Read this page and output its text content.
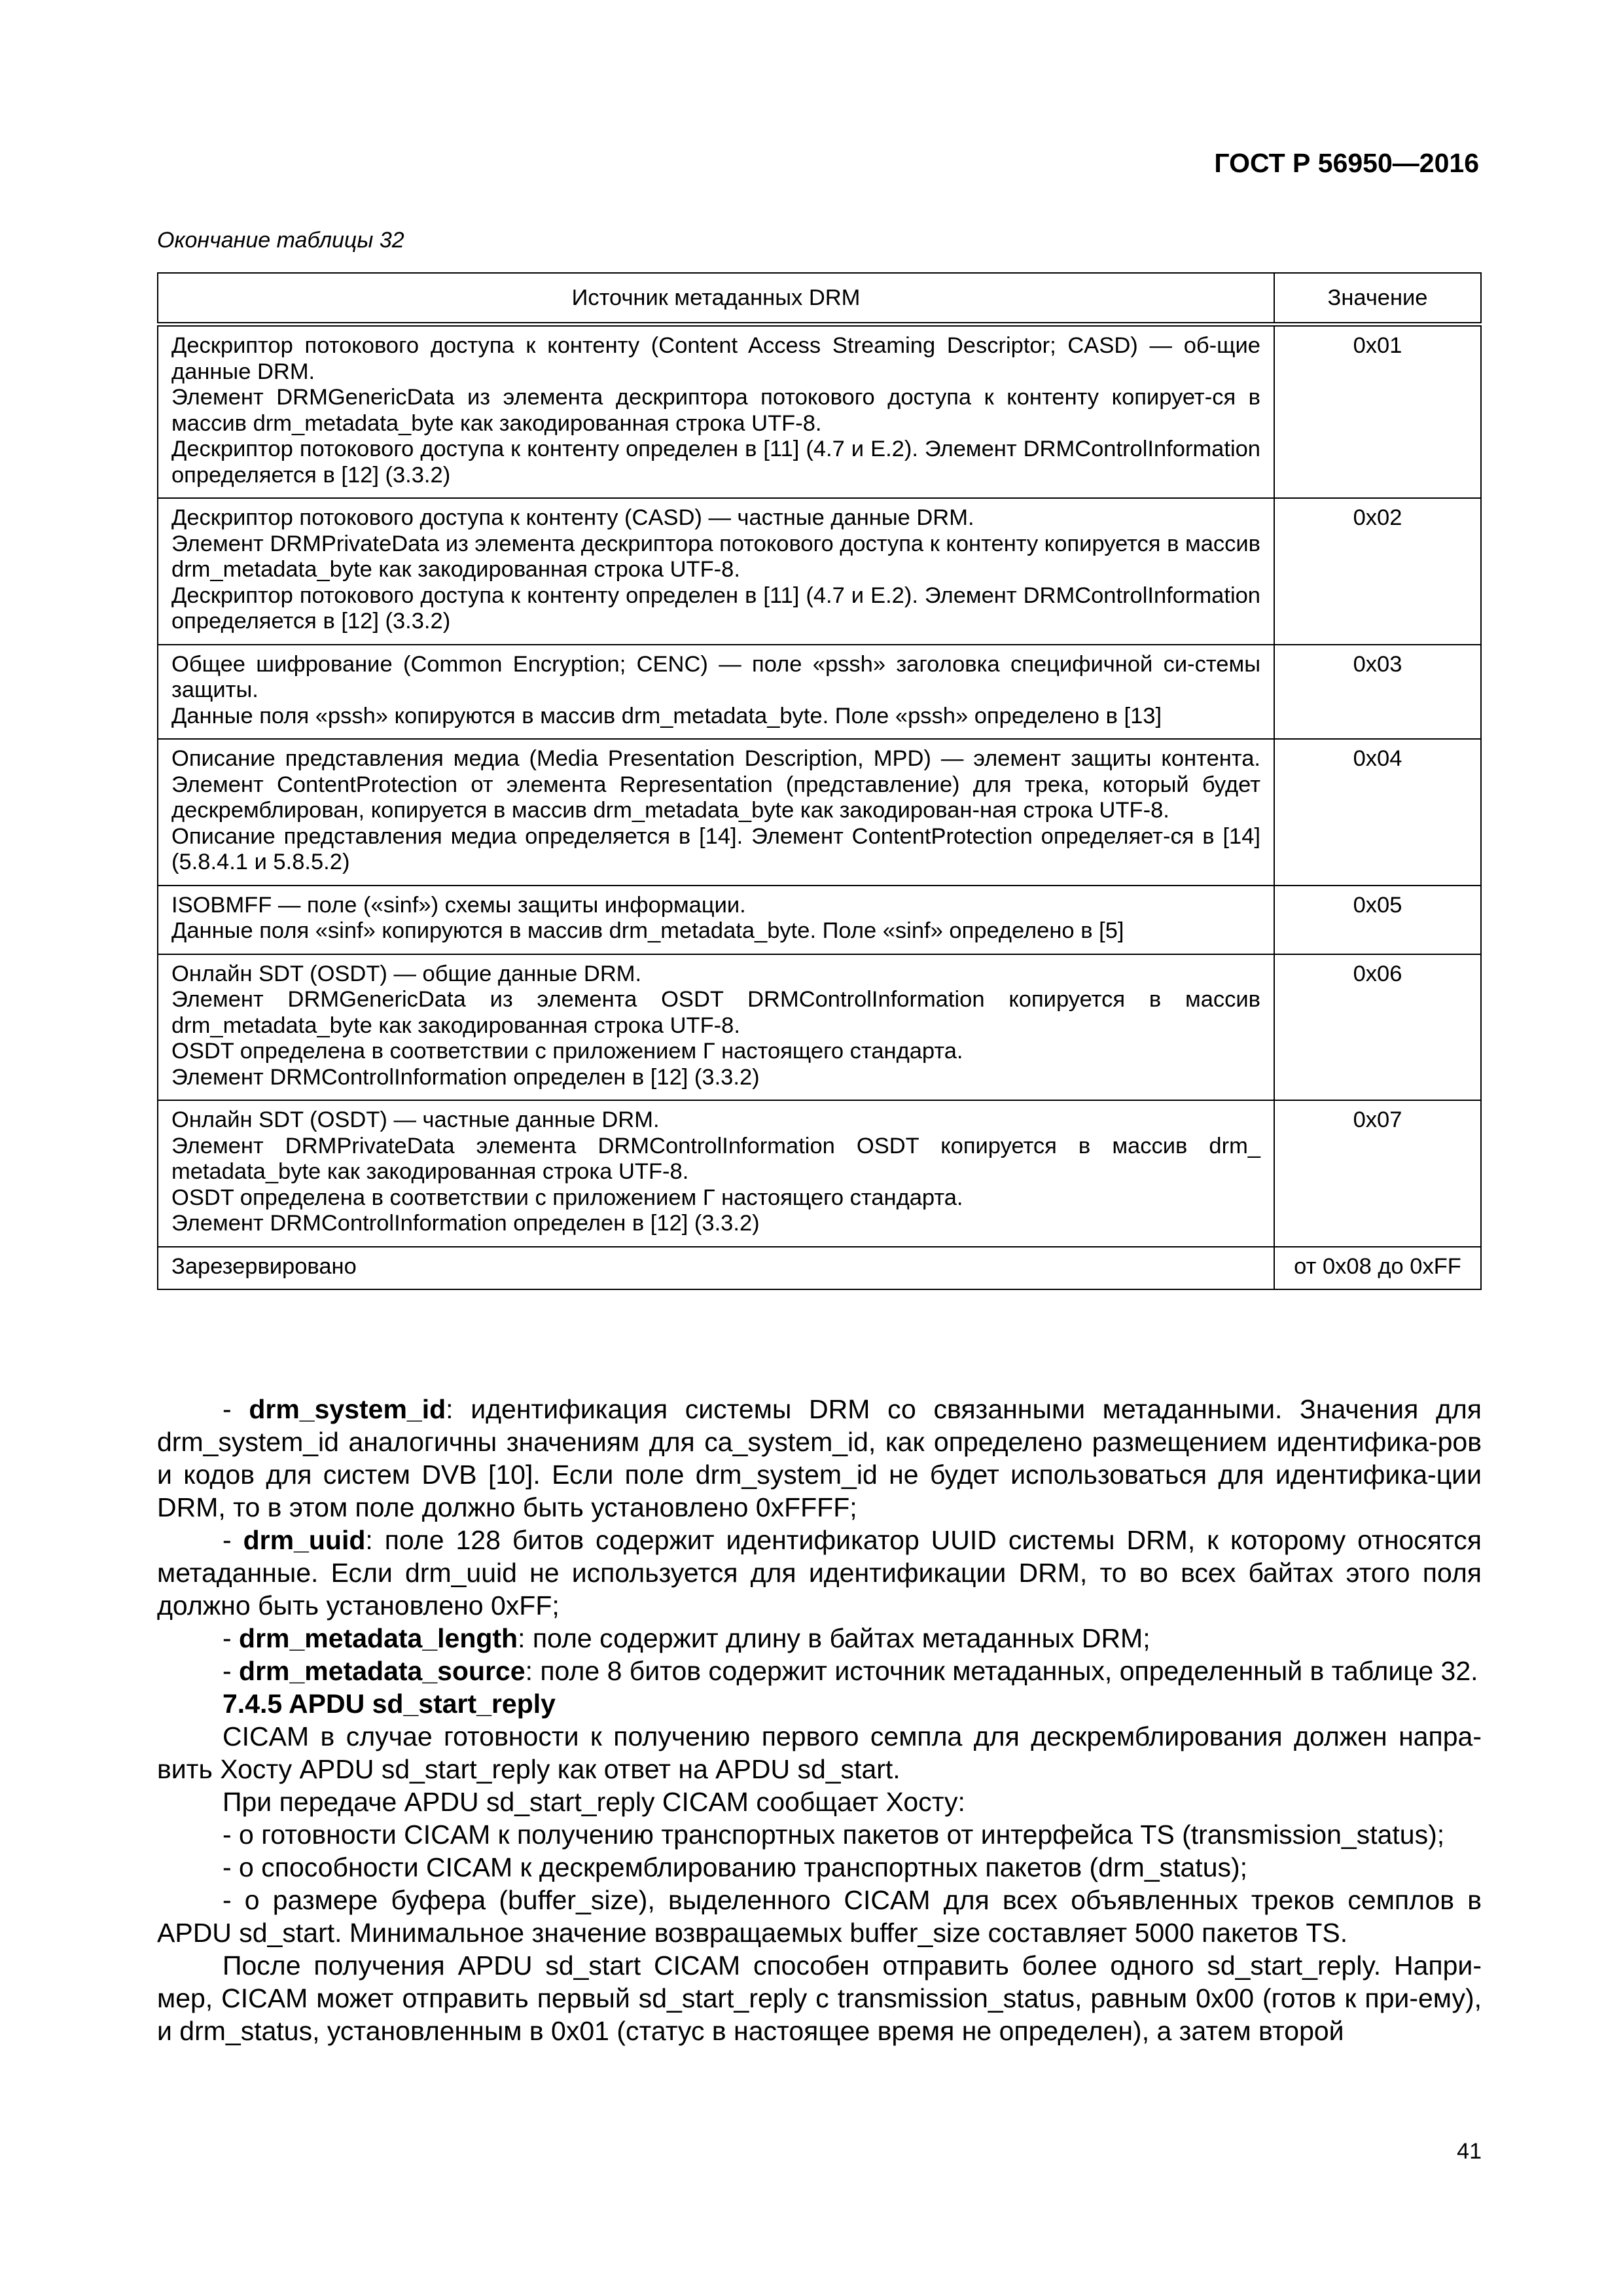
ГОСТ Р 56950—2016
Окончание таблицы 32
Источник метаданных DRM	Значение

Дескриптор потокового доступа к контенту (Content Access Streaming Descriptor; CASD) — об-щие данные DRM.
Элемент DRMGenericData из элемента дескриптора потокового доступа к контенту копирует-ся в массив drm_metadata_byte как закодированная строка UTF-8.
Дескриптор потокового доступа к контенту определен в [11] (4.7 и Е.2). Элемент DRMControlInformation определяется в [12] (3.3.2)	0x01

Дескриптор потокового доступа к контенту (CASD) — частные данные DRM.
Элемент DRMPrivateData из элемента дескриптора потокового доступа к контенту копируется в массив drm_metadata_byte как закодированная строка UTF-8.
Дескриптор потокового доступа к контенту определен в [11] (4.7 и Е.2). Элемент DRMControlInformation определяется в [12] (3.3.2)	0x02

Общее шифрование (Common Encryption; CENC) — поле «pssh» заголовка специфичной си-стемы защиты.
Данные поля «pssh» копируются в массив drm_metadata_byte. Поле «pssh» определено в [13]	0x03

Описание представления медиа (Media Presentation Description, MPD) — элемент защиты контента. Элемент ContentProtection от элемента Representation (представление) для трека, который будет дескремблирован, копируется в массив drm_metadata_byte как закодирован-ная строка UTF-8.
Описание представления медиа определяется в [14]. Элемент ContentProtection определяет-ся в [14] (5.8.4.1 и 5.8.5.2)	0x04

ISOBMFF — поле («sinf») схемы защиты информации.
Данные поля «sinf» копируются в массив drm_metadata_byte. Поле «sinf» определено в [5]	0x05

Онлайн SDT (OSDT) — общие данные DRM.
Элемент DRMGenericData из элемента OSDT DRMControlInformation копируется в массив drm_metadata_byte как закодированная строка UTF-8.
OSDT определена в соответствии с приложением Г настоящего стандарта.
Элемент DRMControlInformation определен в [12] (3.3.2)	0x06

Онлайн SDT (OSDT) — частные данные DRM.
Элемент DRMPrivateData элемента DRMControlInformation OSDT копируется в массив drm_ metadata_byte как закодированная строка UTF-8.
OSDT определена в соответствии с приложением Г настоящего стандарта.
Элемент DRMControlInformation определен в [12] (3.3.2)	0x07

Зарезервировано	от 0x08 до 0xFF

- drm_system_id: идентификация системы DRM со связанными метаданными. Значения для drm_system_id аналогичны значениям для ca_system_id, как определено размещением идентифика-ров и кодов для систем DVB [10]. Если поле drm_system_id не будет использоваться для идентифика-ции DRM, то в этом поле должно быть установлено 0xFFFF;

- drm_uuid: поле 128 битов содержит идентификатор UUID системы DRM, к которому относятся метаданные. Если drm_uuid не используется для идентификации DRM, то во всех байтах этого поля должно быть установлено 0xFF;

- drm_metadata_length: поле содержит длину в байтах метаданных DRM;

- drm_metadata_source: поле 8 битов содержит источник метаданных, определенный в таблице 32.

7.4.5 APDU sd_start_reply

CICAM в случае готовности к получению первого семпла для дескремблирования должен напра-вить Хосту APDU sd_start_reply как ответ на APDU sd_start.

При передаче APDU sd_start_reply CICAM сообщает Хосту:

- о готовности CICAM к получению транспортных пакетов от интерфейса TS (transmission_status);

- о способности CICAM к дескремблированию транспортных пакетов (drm_status);

- о размере буфера (buffer_size), выделенного CICAM для всех объявленных треков семплов в APDU sd_start. Минимальное значение возвращаемых buffer_size составляет 5000 пакетов TS.

После получения APDU sd_start CICAM способен отправить более одного sd_start_reply. Напри-мер, CICAM может отправить первый sd_start_reply с transmission_status, равным 0x00 (готов к при-ему), и drm_status, установленным в 0x01 (статус в настоящее время не определен), а затем второй

41
